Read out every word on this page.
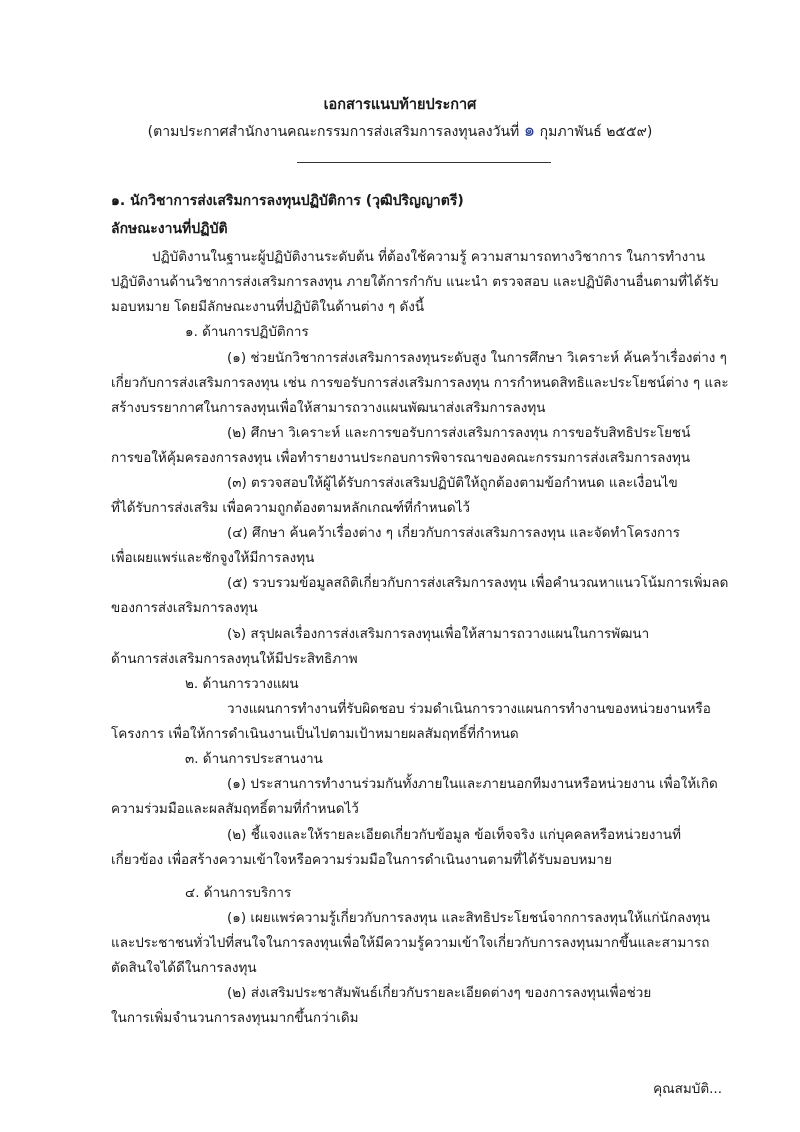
เอกสารแนบท้ายประกาศ
(ตามประกาศสำนักงานคณะกรรมการส่งเสริมการลงทุนลงวันที่ ๑ กุมภาพันธ์ ๒๕๕๙)
๑. นักวิชาการส่งเสริมการลงทุนปฏิบัติการ (วุฒิปริญญาตรี)
ลักษณะงานที่ปฏิบัติ
ปฏิบัติงานในฐานะผู้ปฏิบัติงานระดับต้น ที่ต้องใช้ความรู้ ความสามารถทางวิชาการ ในการทำงาน
ปฏิบัติงานด้านวิชาการส่งเสริมการลงทุน ภายใต้การกำกับ แนะนำ ตรวจสอบ และปฏิบัติงานอื่นตามที่ได้รับ
มอบหมาย โดยมีลักษณะงานที่ปฏิบัติในด้านต่าง ๆ ดังนี้
๑. ด้านการปฏิบัติการ
(๑) ช่วยนักวิชาการส่งเสริมการลงทุนระดับสูง ในการศึกษา วิเคราะห์ ค้นคว้าเรื่องต่าง ๆ
เกี่ยวกับการส่งเสริมการลงทุน เช่น การขอรับการส่งเสริมการลงทุน การกำหนดสิทธิและประโยชน์ต่าง ๆ และ
สร้างบรรยากาศในการลงทุนเพื่อให้สามารถวางแผนพัฒนาส่งเสริมการลงทุน
(๒) ศึกษา วิเคราะห์ และการขอรับการส่งเสริมการลงทุน การขอรับสิทธิประโยชน์
การขอให้คุ้มครองการลงทุน เพื่อทำรายงานประกอบการพิจารณาของคณะกรรมการส่งเสริมการลงทุน
(๓) ตรวจสอบให้ผู้ได้รับการส่งเสริมปฏิบัติให้ถูกต้องตามข้อกำหนด และเงื่อนไข
ที่ได้รับการส่งเสริม เพื่อความถูกต้องตามหลักเกณฑ์ที่กำหนดไว้
(๔) ศึกษา ค้นคว้าเรื่องต่าง ๆ เกี่ยวกับการส่งเสริมการลงทุน และจัดทำโครงการ
เพื่อเผยแพร่และชักจูงให้มีการลงทุน
(๕) รวบรวมข้อมูลสถิติเกี่ยวกับการส่งเสริมการลงทุน เพื่อคำนวณหาแนวโน้มการเพิ่มลด
ของการส่งเสริมการลงทุน
(๖) สรุปผลเรื่องการส่งเสริมการลงทุนเพื่อให้สามารถวางแผนในการพัฒนา
ด้านการส่งเสริมการลงทุนให้มีประสิทธิภาพ
๒. ด้านการวางแผน
วางแผนการทำงานที่รับผิดชอบ ร่วมดำเนินการวางแผนการทำงานของหน่วยงานหรือ
โครงการ เพื่อให้การดำเนินงานเป็นไปตามเป้าหมายผลสัมฤทธิ์ที่กำหนด
๓. ด้านการประสานงาน
(๑) ประสานการทำงานร่วมกันทั้งภายในและภายนอกทีมงานหรือหน่วยงาน เพื่อให้เกิด
ความร่วมมือและผลสัมฤทธิ์ตามที่กำหนดไว้
(๒) ชี้แจงและให้รายละเอียดเกี่ยวกับข้อมูล ข้อเท็จจริง แก่บุคคลหรือหน่วยงานที่
เกี่ยวข้อง เพื่อสร้างความเข้าใจหรือความร่วมมือในการดำเนินงานตามที่ได้รับมอบหมาย
๔. ด้านการบริการ
(๑) เผยแพร่ความรู้เกี่ยวกับการลงทุน และสิทธิประโยชน์จากการลงทุนให้แก่นักลงทุน
และประชาชนทั่วไปที่สนใจในการลงทุนเพื่อให้มีความรู้ความเข้าใจเกี่ยวกับการลงทุนมากขึ้นและสามารถ
ตัดสินใจได้ดีในการลงทุน
(๒) ส่งเสริมประชาสัมพันธ์เกี่ยวกับรายละเอียดต่างๆ ของการลงทุนเพื่อช่วย
ในการเพิ่มจำนวนการลงทุนมากขึ้นกว่าเดิม
คุณสมบัติ...
